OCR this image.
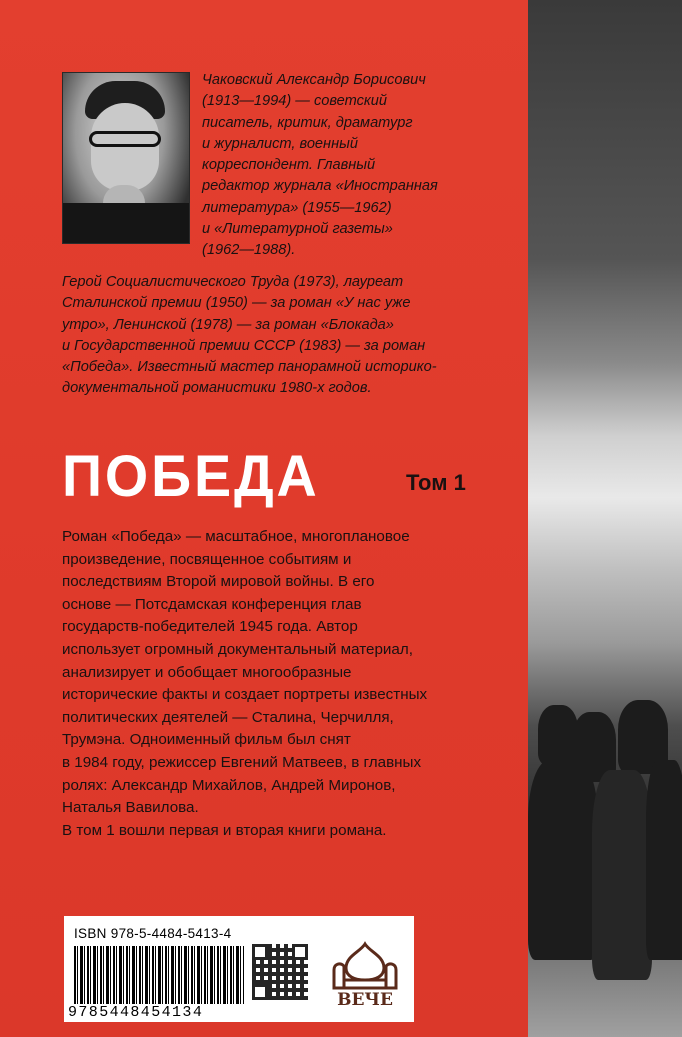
Чаковский Александр Борисович

(1913—1994) — советский

писатель, критик, драматург

и журналист, военный

корреспондент. Главный

редактор журнала «Иностранная

литература» (1955—1962)

и «Литературной газеты»

(1962—1988).

Герой Социалистического Труда (1973), лауреат

Сталинской премии (1950) — за роман «У нас уже

утро», Ленинской (1978) — за роман «Блокада»

и Государственной премии СССР (1983) — за роман

«Победа». Известный мастер панорамной историко-

документальной романистики 1980-х годов.

ПОБЕДА	Том 1

Роман «Победа» — масштабное, многоплановое

произведение, посвященное событиям и

последствиям Второй мировой войны. В его

основе — Потсдамская конференция глав

государств-победителей 1945 года. Автор

использует огромный документальный материал,

анализирует и обобщает многообразные

исторические факты и создает портреты известных

политических деятелей — Сталина, Черчилля,

Трумэна. Одноименный фильм был снят

в 1984 году, режиссер Евгений Матвеев, в главных

ролях: Александр Михайлов, Андрей Миронов,

Наталья Вавилова.

В том 1 вошли первая и вторая книги романа.

ISBN 978-5-4484-5413-4
9785448454134
ВЕЧЕ
